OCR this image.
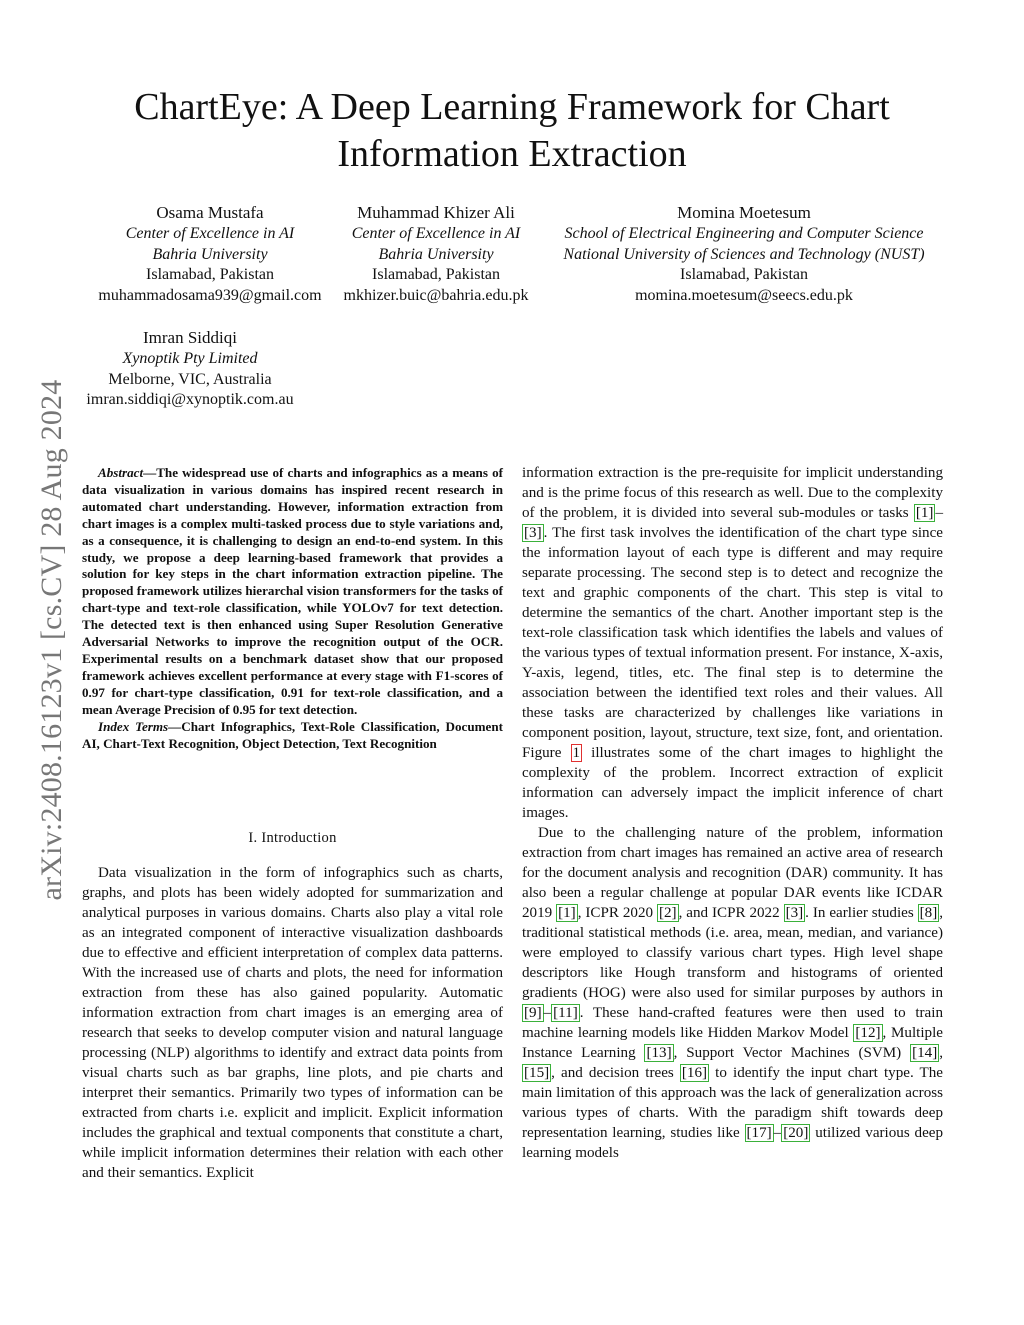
ChartEye: A Deep Learning Framework for Chart
Information Extraction
Osama Mustafa
Center of Excellence in AI
Bahria University
Islamabad, Pakistan
muhammadosama939@gmail.com
Muhammad Khizer Ali
Center of Excellence in AI
Bahria University
Islamabad, Pakistan
mkhizer.buic@bahria.edu.pk
Momina Moetesum
School of Electrical Engineering and Computer Science
National University of Sciences and Technology (NUST)
Islamabad, Pakistan
momina.moetesum@seecs.edu.pk
Imran Siddiqi
Xynoptik Pty Limited
Melborne, VIC, Australia
imran.siddiqi@xynoptik.com.au
arXiv:2408.16123v1 [cs.CV] 28 Aug 2024	Abstract—The widespread use of charts and infographics as a means of data visualization in various domains has inspired recent research in automated chart understanding. However, information extraction from chart images is a complex multi-tasked process due to style variations and, as a consequence, it is challenging to design an end-to-end system. In this study, we propose a deep learning-based framework that provides a solution for key steps in the chart information extraction pipeline. The proposed framework utilizes hierarchal vision transformers for the tasks of chart-type and text-role classification, while YOLOv7 for text detection. The detected text is then enhanced using Super Resolution Generative Adversarial Networks to improve the recognition output of the OCR. Experimental results on a benchmark dataset show that our proposed framework achieves excellent performance at every stage with F1-scores of 0.97 for chart-type classification, 0.91 for text-role classification, and a mean Average Precision of 0.95 for text detection.

Index Terms—Chart Infographics, Text-Role Classification, Document AI, Chart-Text Recognition, Object Detection, Text Recognition

I. Introduction

Data visualization in the form of infographics such as charts, graphs, and plots has been widely adopted for summarization and analytical purposes in various domains. Charts also play a vital role as an integrated component of interactive visualization dashboards due to effective and efficient interpretation of complex data patterns. With the increased use of charts and plots, the need for information extraction from these has also gained popularity. Automatic information extraction from chart images is an emerging area of research that seeks to develop computer vision and natural language processing (NLP) algorithms to identify and extract data points from visual charts such as bar graphs, line plots, and pie charts and interpret their semantics. Primarily two types of information can be extracted from charts i.e. explicit and implicit. Explicit information includes the graphical and textual components that constitute a chart, while implicit information determines their relation with each other and their semantics. Explicit

information extraction is the pre-requisite for implicit understanding and is the prime focus of this research as well. Due to the complexity of the problem, it is divided into several sub-modules or tasks [1] –[3] . The first task involves the identification of the chart type since the information layout of each type is different and may require separate processing. The second step is to detect and recognize the text and graphic components of the chart. This step is vital to determine the semantics of the chart. Another important step is the text-role classification task which identifies the labels and values of the various types of textual information present. For instance, X-axis, Y-axis, legend, titles, etc. The final step is to determine the association between the identified text roles and their values. All these tasks are characterized by challenges like variations in component position, layout, structure, text size, font, and orientation. Figure 1 illustrates some of the chart images to highlight the complexity of the problem. Incorrect extraction of explicit information can adversely impact the implicit inference of chart images.

Due to the challenging nature of the problem, information extraction from chart images has remained an active area of research for the document analysis and recognition (DAR) community. It has also been a regular challenge at popular DAR events like ICDAR 2019 [1] , ICPR 2020 [2] , and ICPR 2022 [3] . In earlier studies [8] , traditional statistical methods (i.e. area, mean, median, and variance) were employed to classify various chart types. High level shape descriptors like Hough transform and histograms of oriented gradients (HOG) were also used for similar purposes by authors in [9] – [11] . These hand-crafted features were then used to train machine learning models like Hidden Markov Model [12] , Multiple Instance Learning [13] , Support Vector Machines (SVM) [14] , [15] , and decision trees [16] to identify the input chart type. The main limitation of this approach was the lack of generalization across various types of charts. With the paradigm shift towards deep representation learning, studies like [17] – [20] utilized various deep learning models
